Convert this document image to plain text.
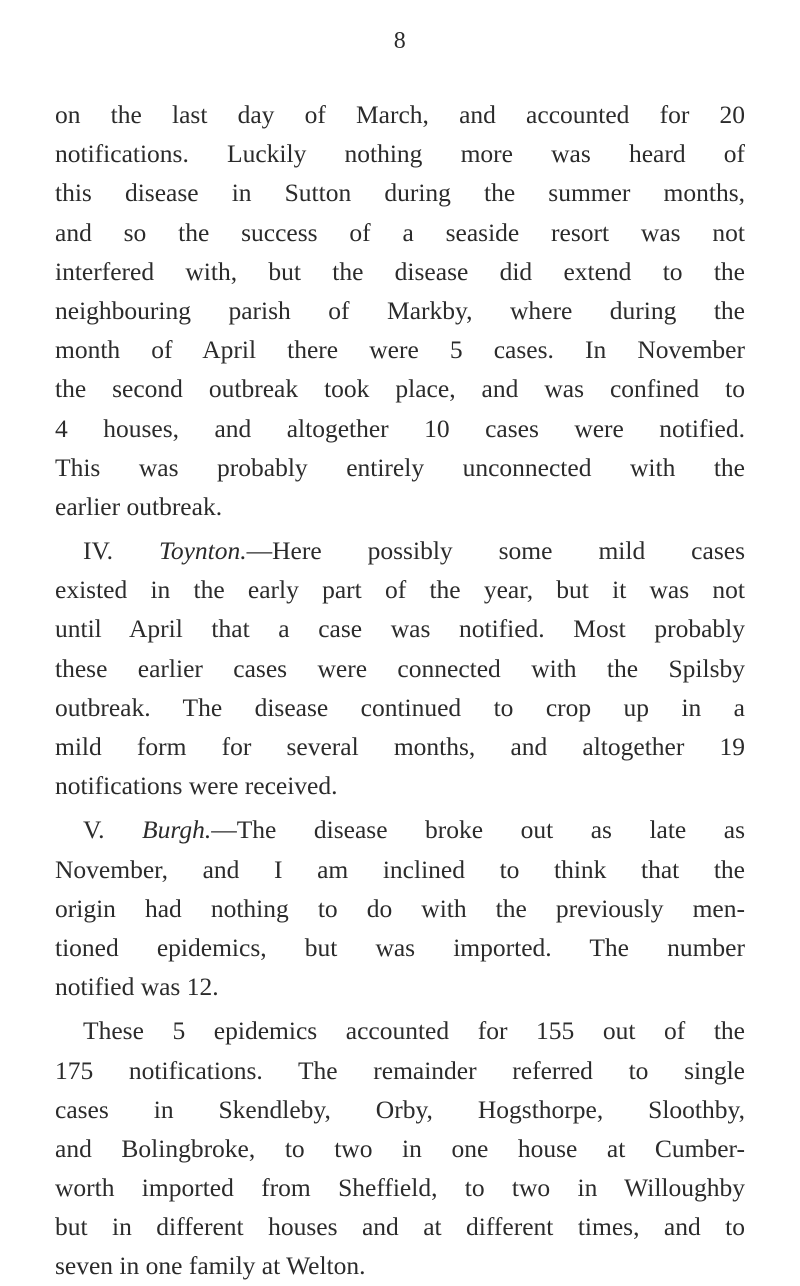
8
on the last day of March, and accounted for 20
notifications. Luckily nothing more was heard of
this disease in Sutton during the summer months,
and so the success of a seaside resort was not
interfered with, but the disease did extend to the
neighbouring parish of Markby, where during the
month of April there were 5 cases. In November
the second outbreak took place, and was confined to
4 houses, and altogether 10 cases were notified.
This was probably entirely unconnected with the
earlier outbreak.
IV. Toynton.—Here possibly some mild cases
existed in the early part of the year, but it was not
until April that a case was notified. Most probably
these earlier cases were connected with the Spilsby
outbreak. The disease continued to crop up in a
mild form for several months, and altogether 19
notifications were received.
V. Burgh.—The disease broke out as late as
November, and I am inclined to think that the
origin had nothing to do with the previously men-
tioned epidemics, but was imported. The number
notified was 12.
These 5 epidemics accounted for 155 out of the
175 notifications. The remainder referred to single
cases in Skendleby, Orby, Hogsthorpe, Sloothby,
and Bolingbroke, to two in one house at Cumber-
worth imported from Sheffield, to two in Willoughby
but in different houses and at different times, and to
seven in one family at Welton.
